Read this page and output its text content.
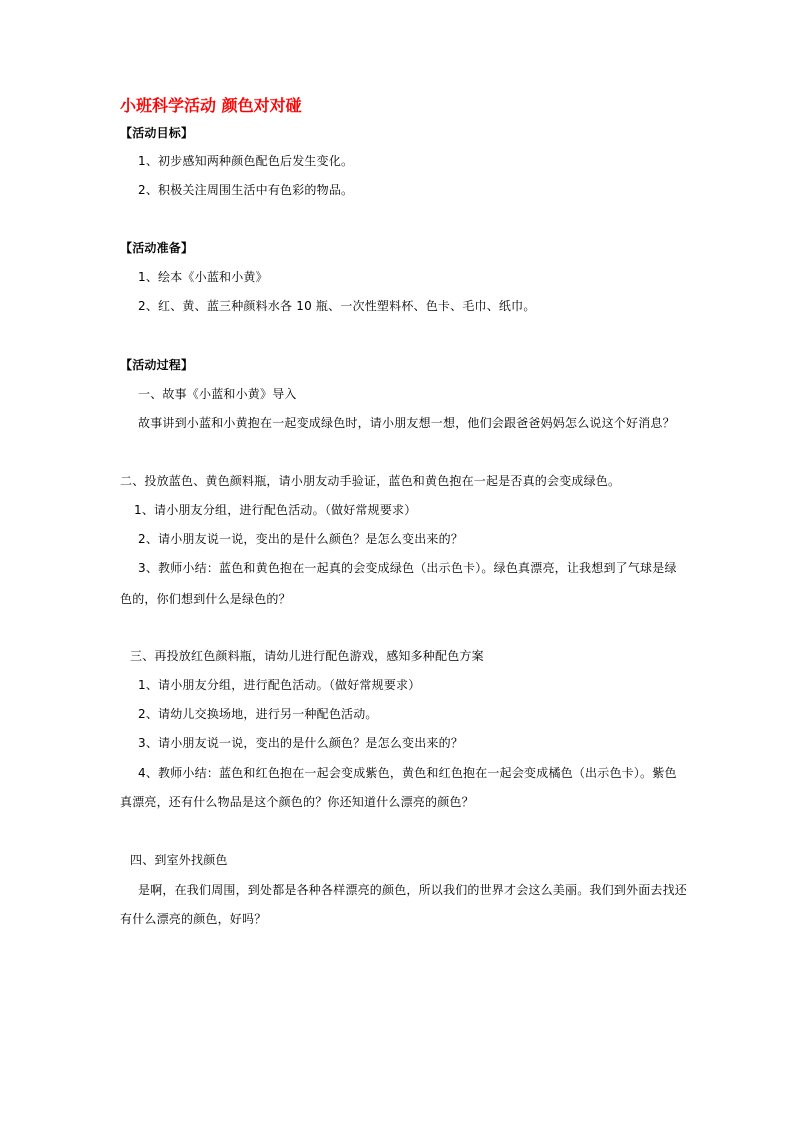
小班科学活动 颜色对对碰
【活动目标】
1、初步感知两种颜色配色后发生变化。
2、积极关注周围生活中有色彩的物品。
【活动准备】
1、绘本《小蓝和小黄》
2、红、黄、蓝三种颜料水各 10 瓶、一次性塑料杯、色卡、毛巾、纸巾。
【活动过程】
一、故事《小蓝和小黄》导入
故事讲到小蓝和小黄抱在一起变成绿色时，请小朋友想一想，他们会跟爸爸妈妈怎么说这个好消息？
二、投放蓝色、黄色颜料瓶，请小朋友动手验证，蓝色和黄色抱在一起是否真的会变成绿色。
1、请小朋友分组，进行配色活动。（做好常规要求）
2、请小朋友说一说，变出的是什么颜色？是怎么变出来的？
3、教师小结：蓝色和黄色抱在一起真的会变成绿色（出示色卡）。绿色真漂亮，让我想到了气球是绿
色的，你们想到什么是绿色的？
三、再投放红色颜料瓶，请幼儿进行配色游戏，感知多种配色方案
1、请小朋友分组，进行配色活动。（做好常规要求）
2、请幼儿交换场地，进行另一种配色活动。
3、请小朋友说一说，变出的是什么颜色？是怎么变出来的？
4、教师小结：蓝色和红色抱在一起会变成紫色，黄色和红色抱在一起会变成橘色（出示色卡）。紫色
真漂亮，还有什么物品是这个颜色的？你还知道什么漂亮的颜色？
四、到室外找颜色
是啊，在我们周围，到处都是各种各样漂亮的颜色，所以我们的世界才会这么美丽。我们到外面去找还
有什么漂亮的颜色，好吗？
